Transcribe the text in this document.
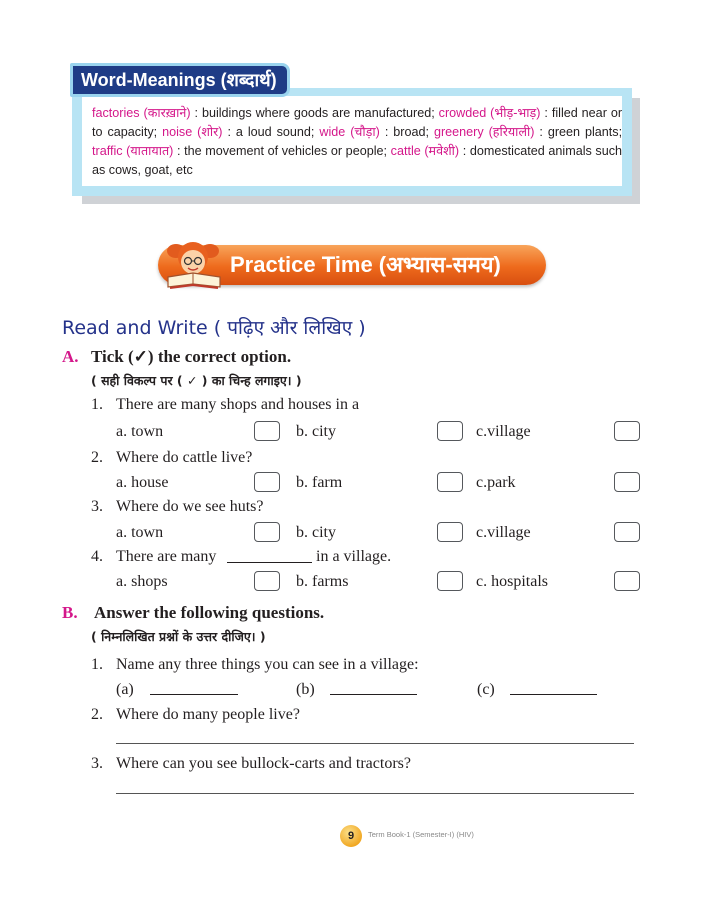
factories (कारख़ाने) : buildings where goods are manufactured; crowded (भीड़-भाड़) : filled near or to capacity; noise (शोर) : a loud sound; wide (चौड़ा) : broad; greenery (हरियाली) : green plants; traffic (यातायात) : the movement of vehicles or people; cattle (मवेशी) : domesticated animals such as cows, goat, etc
Word-Meanings (शब्दार्थ)
Practice Time (अभ्यास-समय)
Read and Write ( पढ़िए और लिखिए )
A. Tick (✓) the correct option.
( सही विकल्प पर ( ✓ ) का चिन्ह लगाइए। )
1. There are many shops and houses in a
a. town	b. city	c.village
2. Where do cattle live?
a. house	b. farm	c.park
3. Where do we see huts?
a. town	b. city	c.village
4. There are many	in a village.
a. shops	b. farms	c. hospitals
B. Answer the following questions.
( निम्नलिखित प्रश्नों के उत्तर दीजिए। )
1. Name any three things you can see in a village:
(a)	(b)	(c)
2. Where do many people live?
3. Where can you see bullock-carts and tractors?
9	Term Book-1 (Semester-I) (HIV)
